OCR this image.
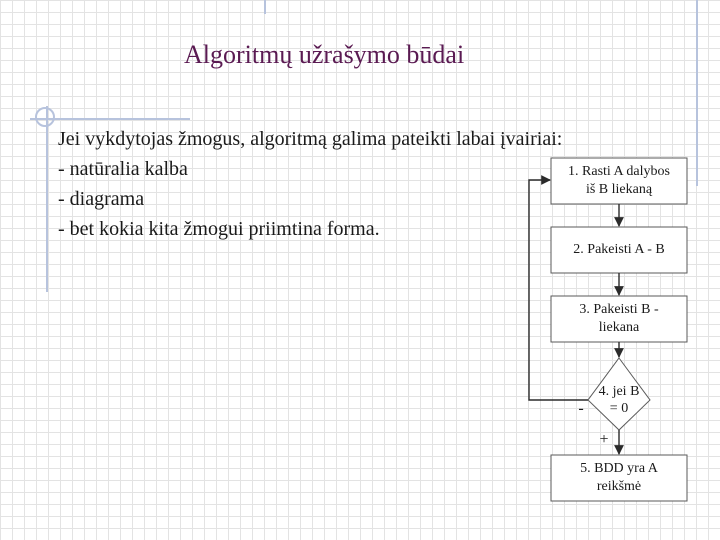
Algoritmų užrašymo būdai
Jei vykdytojas žmogus, algoritmą galima pateikti labai įvairiai:
- natūralia kalba
- diagrama
- bet kokia kita žmogui priimtina forma.
1. Rasti A dalybos iš B liekaną
2. Pakeisti A - B
3. Pakeisti B - liekana
4. jei B = 0
5. BDD yra A reikšmė
-
+
